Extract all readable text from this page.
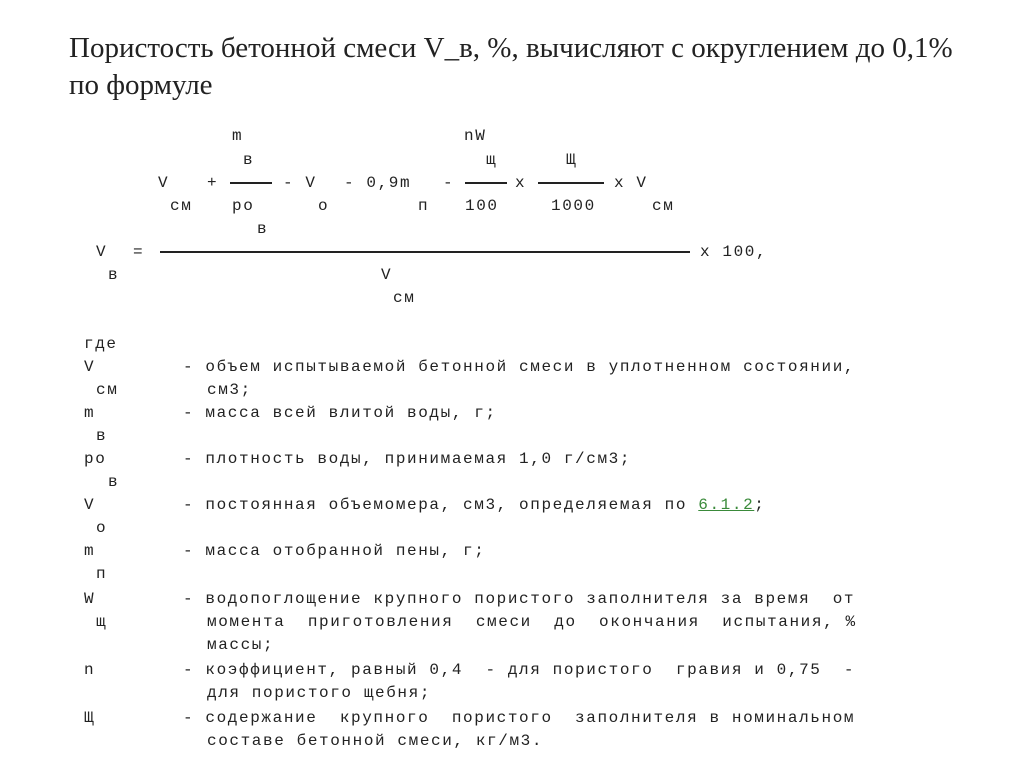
Пористость бетонной смеси V_в, %, вычисляют с округлением до 0,1% по формуле
m
в
nW
щ	Щ
V +	- V - 0,9m -	x	x V
см ро	о	п 100	1000	см
в
V =	x 100,
в	V
см
где
V	- объем испытываемой бетонной смеси в уплотненном состоянии,
см	см3;
m	- масса всей влитой воды, г;
в
ро	- плотность воды, принимаемая 1,0 г/см3;
в
V	- постоянная объемомера, см3, определяемая по 6.1.2;
о
m	- масса отобранной пены, г;
п
W	- водопоглощение крупного пористого заполнителя за время  от
щ	момента  приготовления  смеси  до  окончания  испытания, %
массы;
n	- коэффициент, равный 0,4  - для пористого  гравия и 0,75  -
для пористого щебня;
Щ	- содержание  крупного  пористого  заполнителя в номинальном
составе бетонной смеси, кг/м3.
